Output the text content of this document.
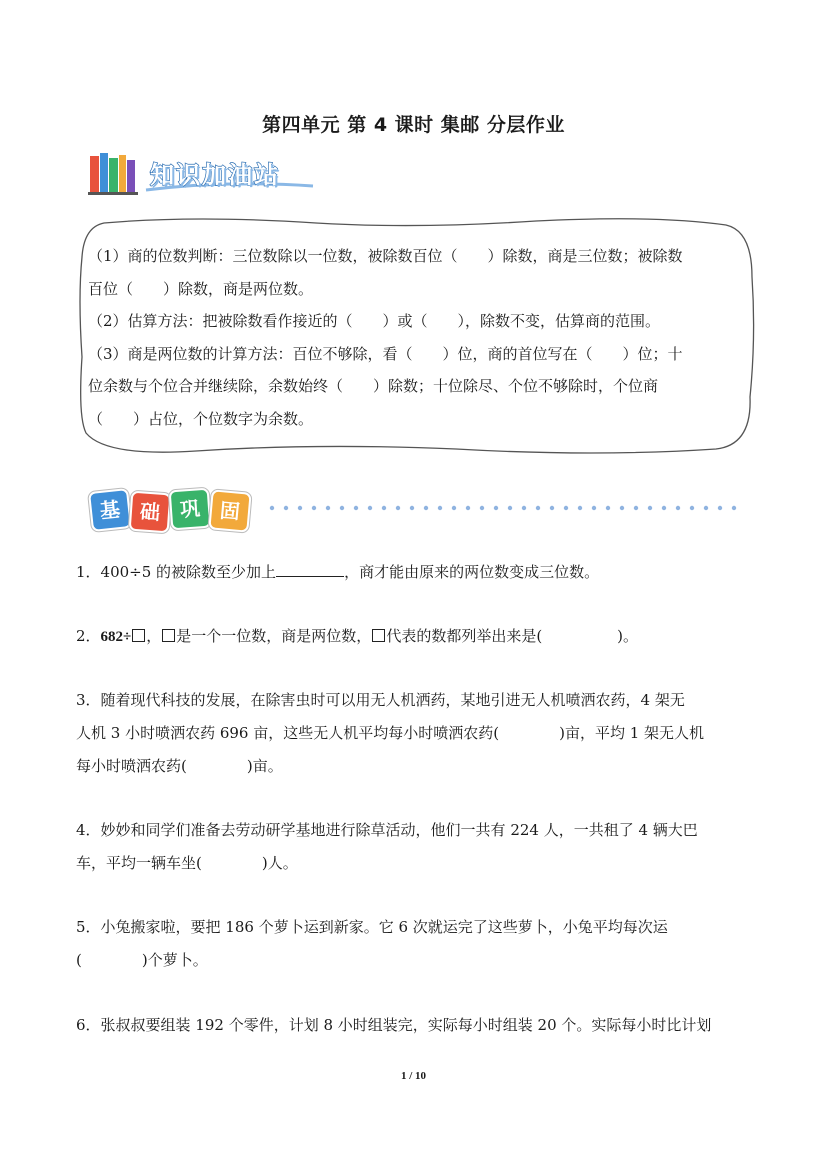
第四单元 第 4 课时 集邮 分层作业
知识加油站

（1）商的位数判断：三位数除以一位数，被除数百位（　　）除数，商是三位数；被除数

百位（　　）除数，商是两位数。

（2）估算方法：把被除数看作接近的（　　）或（　　），除数不变，估算商的范围。

（3）商是两位数的计算方法：百位不够除，看（　　）位，商的首位写在（　　）位；十

位余数与个位合并继续除，余数始终（　　）除数；十位除尽、个位不够除时，个位商

（　　）占位，个位数字为余数。

基 础 巩 固

1．400÷5 的被除数至少加上	，商才能由原来的两位数变成三位数。

2．682÷ ， 是一个一位数，商是两位数， 代表的数都列举出来是(　　　　　)。

3．随着现代科技的发展，在除害虫时可以用无人机洒药，某地引进无人机喷洒农药，4 架无

人机 3 小时喷洒农药 696 亩，这些无人机平均每小时喷洒农药(　　　　)亩，平均 1 架无人机

每小时喷洒农药(　　　　)亩。

4．妙妙和同学们准备去劳动研学基地进行除草活动，他们一共有 224 人，一共租了 4 辆大巴

车，平均一辆车坐(　　　　)人。

5．小兔搬家啦，要把 186 个萝卜运到新家。它 6 次就运完了这些萝卜，小兔平均每次运

(　　　　)个萝卜。

6．张叔叔要组装 192 个零件，计划 8 小时组装完，实际每小时组装 20 个。实际每小时比计划

1 / 10
